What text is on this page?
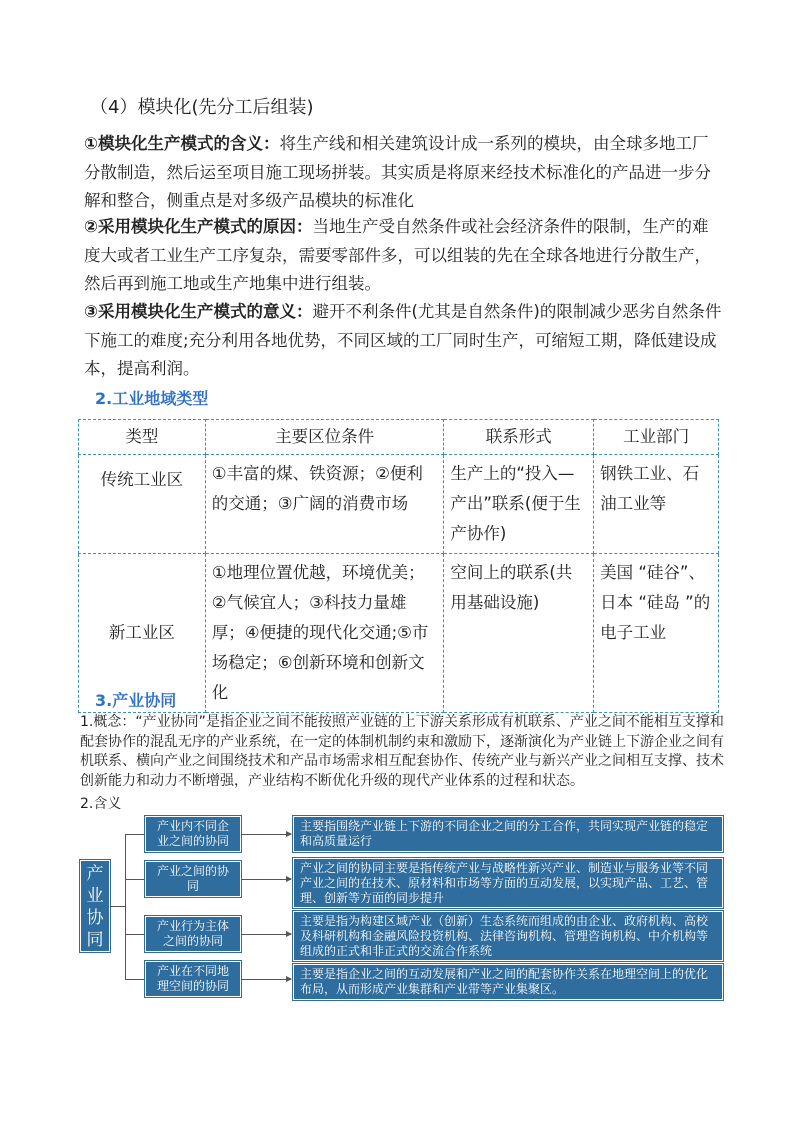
（4）模块化(先分工后组装)
①模块化生产模式的含义：将生产线和相关建筑设计成一系列的模块，由全球多地工厂分散制造，然后运至项目施工现场拼装。其实质是将原来经技术标准化的产品进一步分解和整合，侧重点是对多级产品模块的标准化
②采用模块化生产模式的原因：当地生产受自然条件或社会经济条件的限制，生产的难度大或者工业生产工序复杂，需要零部件多，可以组装的先在全球各地进行分散生产，然后再到施工地或生产地集中进行组装。
③采用模块化生产模式的意义：避开不利条件(尤其是自然条件)的限制减少恶劣自然条件下施工的难度;充分利用各地优势，不同区域的工厂同时生产，可缩短工期，降低建设成本，提高利润。
2.工业地域类型
类型	主要区位条件	联系形式	工业部门
传统工业区	①丰富的煤、铁资源；②便利的交通；③广阔的消费市场	生产上的“投入—产出”联系(便于生产协作)	钢铁工业、石油工业等
新工业区	①地理位置优越，环境优美；②气候宜人；③科技力量雄厚；④便捷的现代化交通;⑤市场稳定；⑥创新环境和创新文化	空间上的联系(共用基础设施)	美国 “硅谷”、日本 “硅岛 ”的电子工业
3.产业协同
1.概念：“产业协同”是指企业之间不能按照产业链的上下游关系形成有机联系、产业之间不能相互支撑和配套协作的混乱无序的产业系统，在一定的体制机制约束和激励下，逐渐演化为产业链上下游企业之间有机联系、横向产业之间围绕技术和产品市场需求相互配套协作、传统产业与新兴产业之间相互支撑、技术创新能力和动力不断增强，产业结构不断优化升级的现代产业体系的过程和状态。
2.含义
产
业
协
同
产业内不同企业之间的协同
产业之间的协同
产业行为主体之间的协同
产业在不同地理空间的协同
主要指围绕产业链上下游的不同企业之间的分工合作，共同实现产业链的稳定和高质量运行
产业之间的协同主要是指传统产业与战略性新兴产业、制造业与服务业等不同产业之间的在技术、原材料和市场等方面的互动发展，以实现产品、工艺、管理、创新等方面的同步提升
主要是指为构建区域产业（创新）生态系统而组成的由企业、政府机构、高校及科研机构和金融风险投资机构、法律咨询机构、管理咨询机构、中介机构等组成的正式和非正式的交流合作系统
主要是指企业之间的互动发展和产业之间的配套协作关系在地理空间上的优化布局，从而形成产业集群和产业带等产业集聚区。
